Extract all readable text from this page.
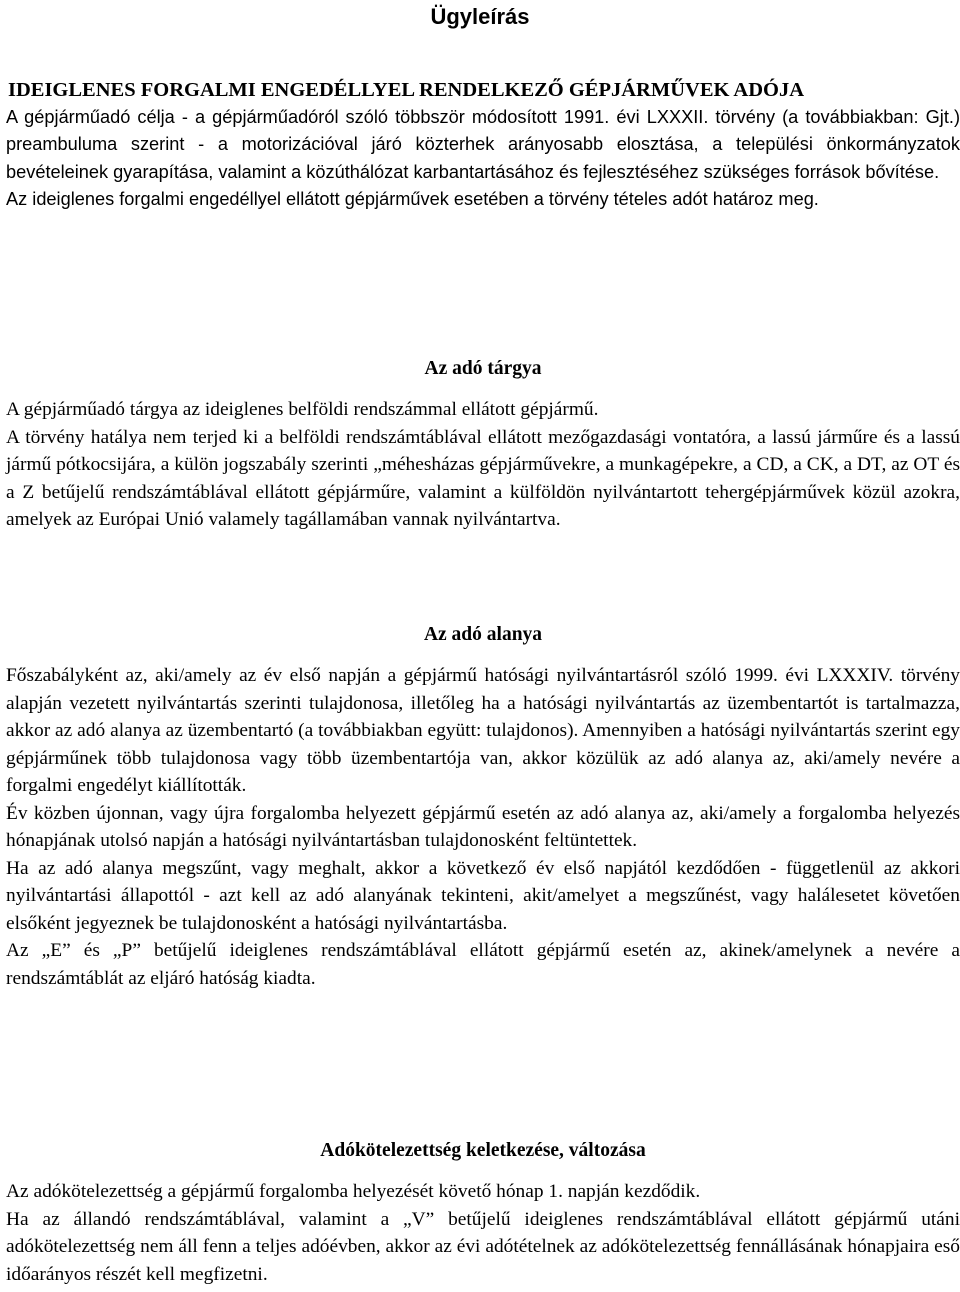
Ügyleírás
IDEIGLENES FORGALMI ENGEDÉLLYEL RENDELKEZŐ GÉPJÁRMŰVEK ADÓJA

A gépjárműadó célja - a gépjárműadóról szóló többször módosított 1991. évi LXXXII. törvény (a továbbiakban: Gjt.) preambuluma szerint - a motorizációval járó közterhek arányosabb elosztása, a települési önkormányzatok bevételeinek gyarapítása, valamint a közúthálózat karbantartásához és fejlesztéséhez szükséges források bővítése.

Az ideiglenes forgalmi engedéllyel ellátott gépjárművek esetében a törvény tételes adót határoz meg.

Az adó tárgya

A gépjárműadó tárgya az ideiglenes belföldi rendszámmal ellátott gépjármű.

A törvény hatálya nem terjed ki a belföldi rendszámtáblával ellátott mezőgazdasági vontatóra, a lassú járműre és a lassú jármű pótkocsijára, a külön jogszabály szerinti „méhesházas gépjárművekre, a munkagépekre, a CD, a CK, a DT, az OT és a Z betűjelű rendszámtáblával ellátott gépjárműre, valamint a külföldön nyilvántartott tehergépjárművek közül azokra, amelyek az Európai Unió valamely tagállamában vannak nyilvántartva.

Az adó alanya

Főszabályként az, aki/amely az év első napján a gépjármű hatósági nyilvántartásról szóló 1999. évi LXXXIV. törvény alapján vezetett nyilvántartás szerinti tulajdonosa, illetőleg ha a hatósági nyilvántartás az üzembentartót is tartalmazza, akkor az adó alanya az üzembentartó (a továbbiakban együtt: tulajdonos). Amennyiben a hatósági nyilvántartás szerint egy gépjárműnek több tulajdonosa vagy több üzembentartója van, akkor közülük az adó alanya az, aki/amely nevére a forgalmi engedélyt kiállították.

Év közben újonnan, vagy újra forgalomba helyezett gépjármű esetén az adó alanya az, aki/amely a forgalomba helyezés hónapjának utolsó napján a hatósági nyilvántartásban tulajdonosként feltüntettek.

Ha az adó alanya megszűnt, vagy meghalt, akkor a következő év első napjától kezdődően - függetlenül az akkori nyilvántartási állapottól - azt kell az adó alanyának tekinteni, akit/amelyet a megszűnést, vagy halálesetet követően elsőként jegyeznek be tulajdonosként a hatósági nyilvántartásba.

Az „E” és „P” betűjelű ideiglenes rendszámtáblával ellátott gépjármű esetén az, akinek/amelynek a nevére a rendszámtáblát az eljáró hatóság kiadta.

Adókötelezettség keletkezése, változása

Az adókötelezettség a gépjármű forgalomba helyezését követő hónap 1. napján kezdődik.

Ha az állandó rendszámtáblával, valamint a „V” betűjelű ideiglenes rendszámtáblával ellátott gépjármű utáni adókötelezettség nem áll fenn a teljes adóévben, akkor az évi adótételnek az adókötelezettség fennállásának hónapjaira eső időarányos részét kell megfizetni.
